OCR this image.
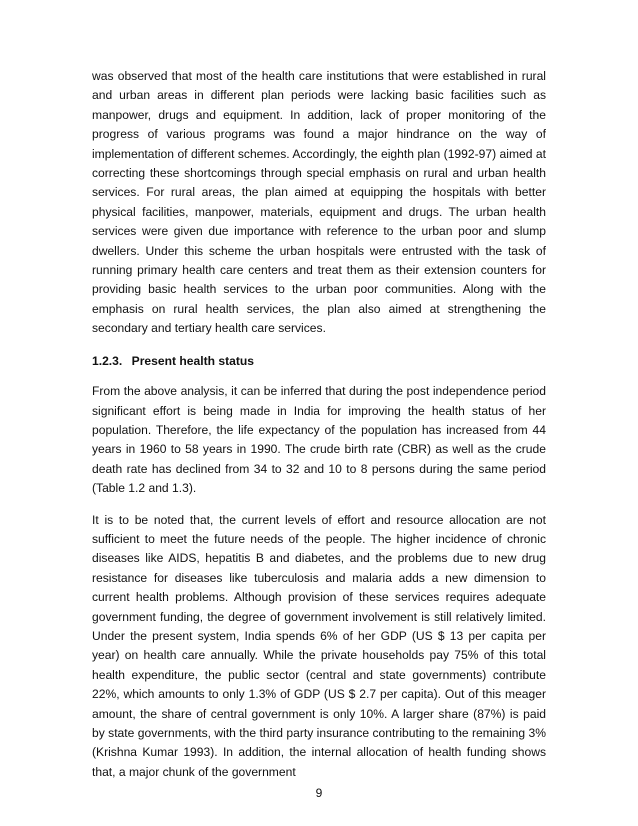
was observed that most of the health care institutions that were established in rural and urban areas in different plan periods were lacking basic facilities such as manpower, drugs and equipment. In addition, lack of proper monitoring of the progress of various programs was found a major hindrance on the way of implementation of different schemes. Accordingly, the eighth plan (1992-97) aimed at correcting these shortcomings through special emphasis on rural and urban health services. For rural areas, the plan aimed at equipping the hospitals with better physical facilities, manpower, materials, equipment and drugs. The urban health services were given due importance with reference to the urban poor and slump dwellers. Under this scheme the urban hospitals were entrusted with the task of running primary health care centers and treat them as their extension counters for providing basic health services to the urban poor communities. Along with the emphasis on rural health services, the plan also aimed at strengthening the secondary and tertiary health care services.

1.2.3. Present health status

From the above analysis, it can be inferred that during the post independence period significant effort is being made in India for improving the health status of her population. Therefore, the life expectancy of the population has increased from 44 years in 1960 to 58 years in 1990. The crude birth rate (CBR) as well as the crude death rate has declined from 34 to 32 and 10 to 8 persons during the same period (Table 1.2 and 1.3).

It is to be noted that, the current levels of effort and resource allocation are not sufficient to meet the future needs of the people. The higher incidence of chronic diseases like AIDS, hepatitis B and diabetes, and the problems due to new drug resistance for diseases like tuberculosis and malaria adds a new dimension to current health problems. Although provision of these services requires adequate government funding, the degree of government involvement is still relatively limited. Under the present system, India spends 6% of her GDP (US $ 13 per capita per year) on health care annually. While the private households pay 75% of this total health expenditure, the public sector (central and state governments) contribute 22%, which amounts to only 1.3% of GDP (US $ 2.7 per capita). Out of this meager amount, the share of central government is only 10%. A larger share (87%) is paid by state governments, with the third party insurance contributing to the remaining 3% (Krishna Kumar 1993). In addition, the internal allocation of health funding shows that, a major chunk of the government

9
